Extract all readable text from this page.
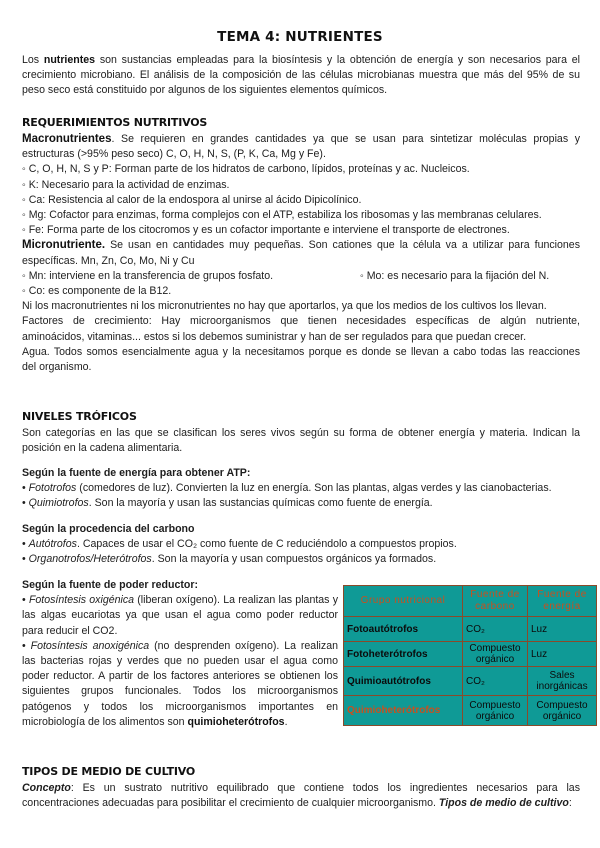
TEMA 4: NUTRIENTES
Los nutrientes son sustancias empleadas para la biosíntesis y la obtención de energía y son necesarios para el
crecimiento microbiano. El análisis de la composición de las células microbianas muestra que más del 95% de su
peso seco está constituido por algunos de los siguientes elementos químicos.
REQUERIMIENTOS NUTRITIVOS
Macronutrientes. Se requieren en grandes cantidades ya que se usan para sintetizar moléculas propias y
estructuras (>95% peso seco) C, O, H, N, S, (P, K, Ca, Mg y Fe).
◦ C, O, H, N, S y P: Forman parte de los hidratos de carbono, lípidos, proteínas y ac. Nucleicos.
◦ K: Necesario para la actividad de enzimas.
◦ Ca: Resistencia al calor de la endospora al unirse al ácido Dipicolínico.
◦ Mg: Cofactor para enzimas, forma complejos con el ATP, estabiliza los ribosomas y las membranas celulares.
◦ Fe: Forma parte de los citocromos y es un cofactor importante e interviene el transporte de electrones.
Micronutriente. Se usan en cantidades muy pequeñas. Son cationes que la célula va a utilizar para funciones
específicas. Mn, Zn, Co, Mo, Ni y Cu
◦ Mn: interviene en la transferencia de grupos fosfato.	◦ Mo: es necesario para la fijación del N.
◦ Co: es componente de la B12.
Ni los macronutrientes ni los micronutrientes no hay que aportarlos, ya que los medios de los cultivos los llevan.
Factores de crecimiento: Hay microorganismos que tienen necesidades específicas de algún nutriente,
aminoácidos, vitaminas... estos si los debemos suministrar y han de ser regulados para que puedan crecer.
Agua. Todos somos esencialmente agua y la necesitamos porque es donde se llevan a cabo todas las reacciones
del organismo.
NIVELES TRÓFICOS
Son categorías en las que se clasifican los seres vivos según su forma de obtener energía y materia. Indican la
posición en la cadena alimentaria.
Según la fuente de energía para obtener ATP:
• Fototrofos (comedores de luz). Convierten la luz en energía. Son las plantas, algas verdes y las cianobacterias.
• Quimiotrofos. Son la mayoría y usan las sustancias químicas como fuente de energía.
Según la procedencia del carbono
• Autótrofos. Capaces de usar el CO₂ como fuente de C reduciéndolo a compuestos propios.
• Organotrofos/Heterótrofos. Son la mayoría y usan compuestos orgánicos ya formados.
Según la fuente de poder reductor:
• Fotosíntesis oxigénica (liberan oxígeno). La realizan las plantas y las algas eucariotas ya que usan el agua como poder reductor para reducir el CO2.
• Fotosíntesis anoxigénica (no desprenden oxígeno). La realizan las bacterias rojas y verdes que no pueden usar el agua como poder reductor. A partir de los factores anteriores se obtienen los siguientes grupos funcionales. Todos los microorganismos patógenos y todos los microorganismos importantes en microbiología de los alimentos son quimioheterótrofos.
Grupo nutricional	Fuente de carbono	Fuente de energía
Fotoautótrofos	CO₂	Luz
Fotoheterótrofos	Compuesto orgánico	Luz
Quimioautótrofos	CO₂	Sales inorgánicas
Quimioheterótrofos	Compuesto orgánico	Compuesto orgánico
TIPOS DE MEDIO DE CULTIVO
Concepto: Es un sustrato nutritivo equilibrado que contiene todos los ingredientes necesarios para las
concentraciones adecuadas para posibilitar el crecimiento de cualquier microorganismo. Tipos de medio de cultivo:
